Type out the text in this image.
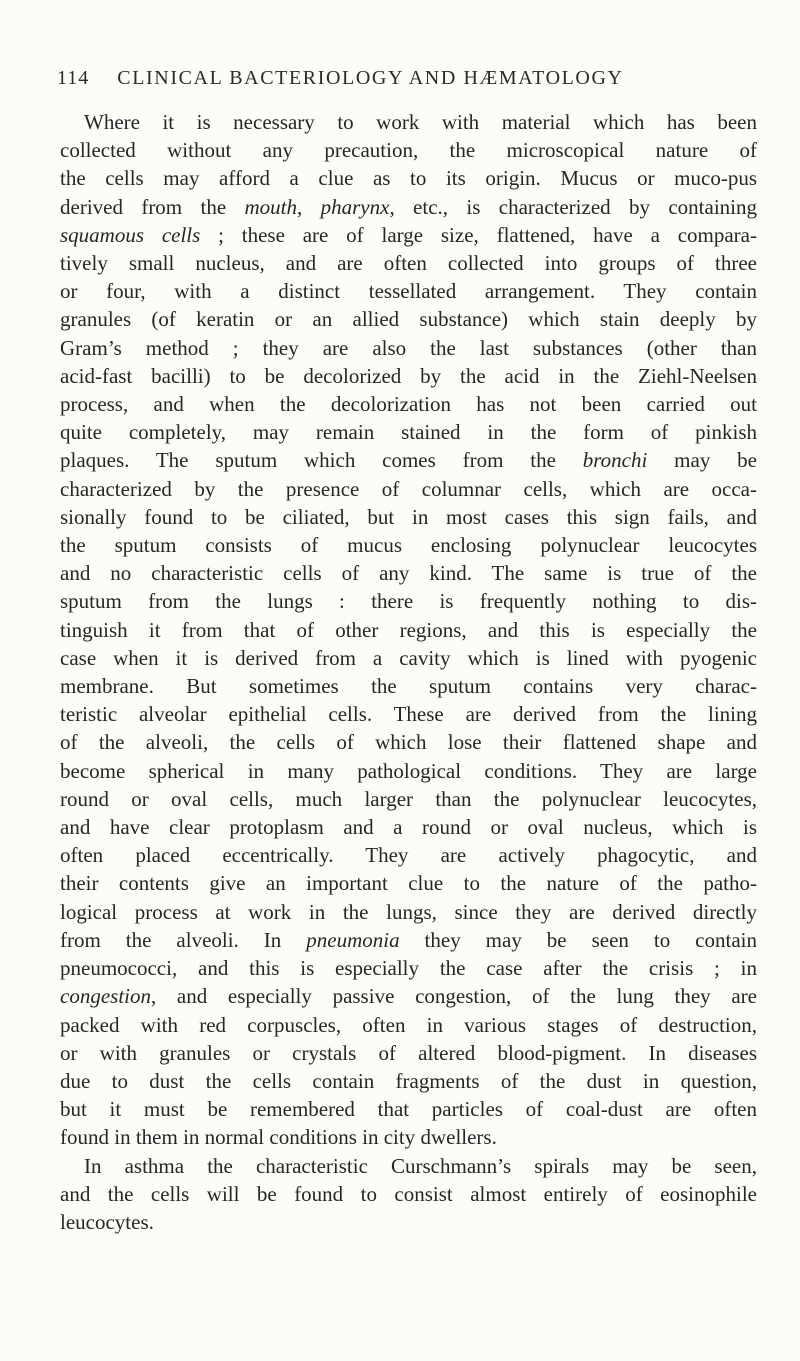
114 CLINICAL BACTERIOLOGY AND HÆMATOLOGY
Where it is necessary to work with material which has been
collected without any precaution, the microscopical nature of
the cells may afford a clue as to its origin. Mucus or muco-pus
derived from the mouth, pharynx, etc., is characterized by containing
squamous cells ; these are of large size, flattened, have a compara-
tively small nucleus, and are often collected into groups of three
or four, with a distinct tessellated arrangement. They contain
granules (of keratin or an allied substance) which stain deeply by
Gram’s method ; they are also the last substances (other than
acid-fast bacilli) to be decolorized by the acid in the Ziehl-Neelsen
process, and when the decolorization has not been carried out
quite completely, may remain stained in the form of pinkish
plaques. The sputum which comes from the bronchi may be
characterized by the presence of columnar cells, which are occa-
sionally found to be ciliated, but in most cases this sign fails, and
the sputum consists of mucus enclosing polynuclear leucocytes
and no characteristic cells of any kind. The same is true of the
sputum from the lungs : there is frequently nothing to dis-
tinguish it from that of other regions, and this is especially the
case when it is derived from a cavity which is lined with pyogenic
membrane. But sometimes the sputum contains very charac-
teristic alveolar epithelial cells. These are derived from the lining
of the alveoli, the cells of which lose their flattened shape and
become spherical in many pathological conditions. They are large
round or oval cells, much larger than the polynuclear leucocytes,
and have clear protoplasm and a round or oval nucleus, which is
often placed eccentrically. They are actively phagocytic, and
their contents give an important clue to the nature of the patho-
logical process at work in the lungs, since they are derived directly
from the alveoli. In pneumonia they may be seen to contain
pneumococci, and this is especially the case after the crisis ; in
congestion, and especially passive congestion, of the lung they are
packed with red corpuscles, often in various stages of destruction,
or with granules or crystals of altered blood-pigment. In diseases
due to dust the cells contain fragments of the dust in question,
but it must be remembered that particles of coal-dust are often
found in them in normal conditions in city dwellers.
In asthma the characteristic Curschmann’s spirals may be seen,
and the cells will be found to consist almost entirely of eosinophile
leucocytes.
